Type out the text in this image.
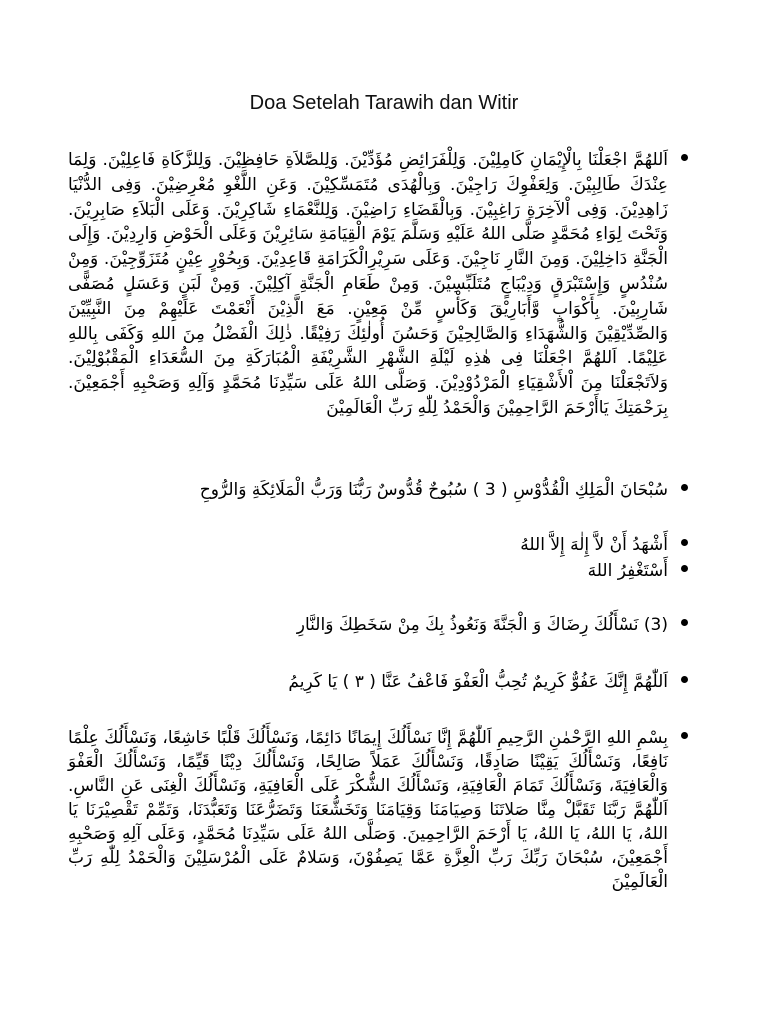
Doa Setelah Tarawih dan Witir
اَللهُمَّ اجْعَلْنَا بِالْإِيْمَانِ كَامِلِيْنَ. وَلِلْفَرَائِضِ مُؤَدِّيْنَ. وَلِلصَّلاَةِ حَافِظِيْنَ. وَلِلزَّكَاةِ فَاعِلِيْنَ. وَلِمَا عِنْدَكَ طَالِبِيْنَ. وَلِعَفْوِكَ رَاجِيْنَ. وَبِالْهُدَى مُتَمَسِّكِيْنَ. وَعَنِ اللَّغْوِ مُعْرِضِيْنَ. وَفِى الدُّنْيَا زَاهِدِيْنَ. وَفِى اْلآخِرَةِ رَاغِبِيْنَ. وَبِالْقَضَاءِ رَاضِيْنَ. وَلِلنَّعْمَاءِ شَاكِرِيْنَ. وَعَلَى الْبَلاَءِ صَابِرِيْنَ. وَتَحْتَ لِوَاءِ مُحَمَّدٍ صَلَّى اللهُ عَلَيْهِ وَسَلَّمَ يَوْمَ الْقِيَامَةِ سَائِرِيْنَ وَعَلَى الْحَوْضِ وَارِدِيْنَ. وَإِلَى الْجَنَّةِ دَاخِلِيْنَ. وَمِنَ النَّارِ نَاجِيْنَ. وَعَلَى سَرِيْرِالْكَرَامَةِ قَاعِدِيْنَ. وَبِحُوْرٍ عِيْنٍ مُتَزَوِّجِيْنَ. وَمِنْ سُنْدُسٍ وَإِسْتَبْرَقٍ وَدِيْبَاجٍ مُتَلَبِّسِيْنَ. وَمِنْ طَعَامِ الْجَنَّةِ آكِلِيْنَ. وَمِنْ لَبَنٍ وَعَسَلٍ مُصَفًّى شَارِبِيْنَ. بِأَكْوَابٍ وَّأَبَارِيْقَ وَكَأْسٍ مِّنْ مَعِيْنٍ. مَعَ الَّذِيْنَ أَنْعَمْتَ عَلَيْهِمْ مِنَ النَّبِيِّيْنَ وَالصِّدِّيْقِيْنَ وَالشُّهَدَاءِ وَالصَّالِحِيْنَ وَحَسُنَ أُولٰئِكَ رَفِيْقًا. ذٰلِكَ الْفَضْلُ مِنَ اللهِ وَكَفَى بِاللهِ عَلِيْمًا. اَللهُمَّ اجْعَلْنَا فِى هٰذِهِ لَيْلَةِ الشَّهْرِ الشَّرِيْفَةِ الْمُبَارَكَةِ مِنَ السُّعَدَاءِ الْمَقْبُوْلِيْنَ. وَلاَتَجْعَلْنَا مِنَ اْلأَشْقِيَاءِ الْمَرْدُوْدِيْنَ. وَصَلَّى اللهُ عَلَى سَيِّدِنَا مُحَمَّدٍ وَآلِهِ وَصَحْبِهِ أَجْمَعِيْنَ. بِرَحْمَتِكَ يَاأَرْحَمَ الرَّاحِمِيْنَ وَالْحَمْدُ لِلّٰهِ رَبِّ الْعَالَمِيْنَ
سُبْحَانَ الْمَلِكِ الْقُدُّوْسِ ( 3 ) سُبُوحٌ قُدُّوسٌ رَبُّنَا وَرَبُّ الْمَلَائِكَةِ وَالرُّوحِ
أَشْهَدُ أَنْ لاَّ إِلٰهَ إِلاَّ اللهُ
أَسْتَغْفِرُ اللهَ
(3) نَسْأَلُكَ رِضَاكَ وَ الْجَنَّةَ وَنَعُوذُ بِكَ مِنْ سَخَطِكَ وَالنَّارِ
اَللّٰهُمَّ إِنَّكَ عَفُوٌّ كَرِيمٌ تُحِبُّ الْعَفْوَ فَاعْفُ عَنَّا ( ٣ ) يَا كَرِيمُ
بِسْمِ اللهِ الرَّحْمٰنِ الرَّحِيمِ اَللّٰهُمَّ إِنَّا نَسْأَلُكَ إِيمَانًا دَائِمًا، وَنَسْأَلُكَ قَلْبًا خَاشِعًا، وَنَسْأَلُكَ عِلْمًا نَافِعًا، وَنَسْأَلُكَ يَقِيْنًا صَادِقًا، وَنَسْأَلُكَ عَمَلاً صَالِحًا، وَنَسْأَلُكَ دِيْنًا قَيِّمًا، وَنَسْأَلُكَ الْعَفْوَ وَالْعَافِيَةَ، وَنَسْأَلُكَ تَمَامَ الْعَافِيَةِ، وَنَسْأَلُكَ الشُّكْرَ عَلَى الْعَافِيَةِ، وَنَسْأَلُكَ الْغِنَى عَنِ النَّاسِ. اَللّٰهُمَّ رَبَّنَا تَقَبَّلْ مِنَّا صَلاتَنَا وَصِيَامَنَا وَقِيَامَنَا وَتَخَشُّعَنَا وَتَضَرُّعَنَا وَتَعَبُّدَنَا، وَتَمِّمْ تَقْصِيْرَنَا يَا اللهُ، يَا اللهُ، يَا اللهُ، يَا أَرْحَمَ الرَّاحِمِينَ. وَصَلَّى اللهُ عَلَى سَيِّدِنَا مُحَمَّدٍ، وَعَلَى آلِهِ وَصَحْبِهِ أَجْمَعِيْنَ، سُبْحَانَ رَبِّكَ رَبِّ الْعِزَّةِ عَمَّا يَصِفُوْنَ، وَسَلامٌ عَلَى الْمُرْسَلِيْنَ وَالْحَمْدُ لِلّٰهِ رَبِّ الْعَالَمِيْنَ
